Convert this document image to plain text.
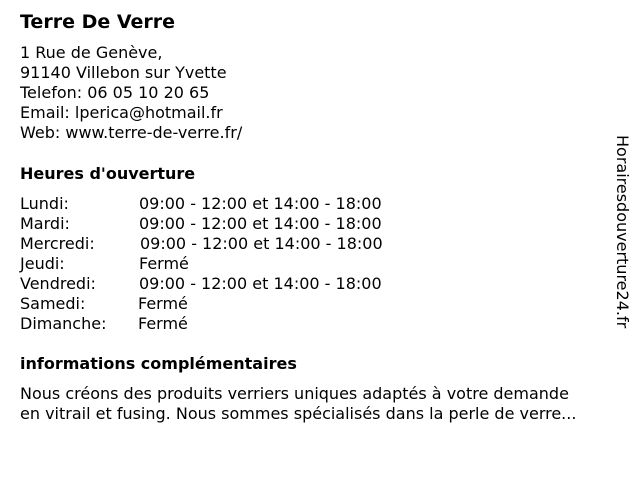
Terre De Verre
1 Rue de Genève,
91140 Villebon sur Yvette
Telefon: 06 05 10 20 65
Email: lperica@hotmail.fr
Web: www.terre-de-verre.fr/
Heures d'ouverture
Lundi:	09:00 - 12:00 et 14:00 - 18:00
Mardi:	09:00 - 12:00 et 14:00 - 18:00
Mercredi:	09:00 - 12:00 et 14:00 - 18:00
Jeudi:	Fermé
Vendredi:	09:00 - 12:00 et 14:00 - 18:00
Samedi:	Fermé
Dimanche: Fermé
informations complémentaires
Nous créons des produits verriers uniques adaptés à votre demande
en vitrail et fusing. Nous sommes spécialisés dans la perle de verre...
Horairesdouverture24.fr
